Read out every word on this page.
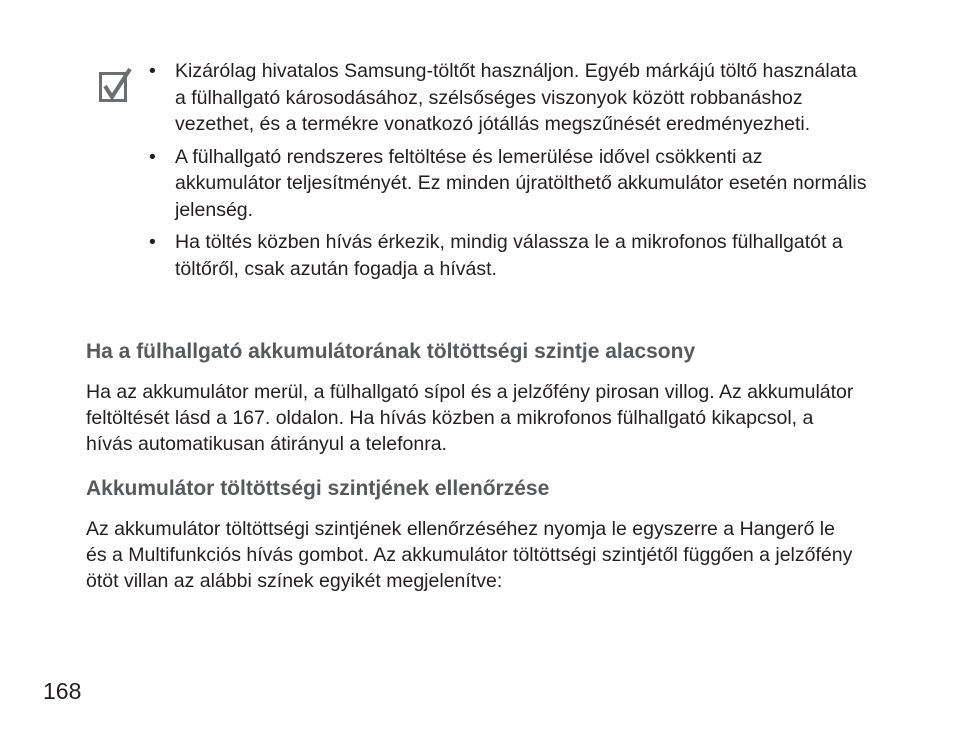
• Kizárólag hivatalos Samsung-töltőt használjon. Egyéb márkájú töltő használata a fülhallgató károsodásához, szélsőséges viszonyok között robbanáshoz vezethet, és a termékre vonatkozó jótállás megszűnését eredményezheti.
• A fülhallgató rendszeres feltöltése és lemerülése idővel csökkenti az akkumulátor teljesítményét. Ez minden újratölthető akkumulátor esetén normális jelenség.
• Ha töltés közben hívás érkezik, mindig válassza le a mikrofonos fülhallgatót a töltőről, csak azután fogadja a hívást.
Ha a fülhallgató akkumulátorának töltöttségi szintje alacsony

Ha az akkumulátor merül, a fülhallgató sípol és a jelzőfény pirosan villog. Az akkumulátor feltöltését lásd a 167. oldalon. Ha hívás közben a mikrofonos fülhallgató kikapcsol, a hívás automatikusan átirányul a telefonra.

Akkumulátor töltöttségi szintjének ellenőrzése

Az akkumulátor töltöttségi szintjének ellenőrzéséhez nyomja le egyszerre a Hangerő le és a Multifunkciós hívás gombot. Az akkumulátor töltöttségi szintjétől függően a jelzőfény ötöt villan az alábbi színek egyikét megjelenítve:

168
